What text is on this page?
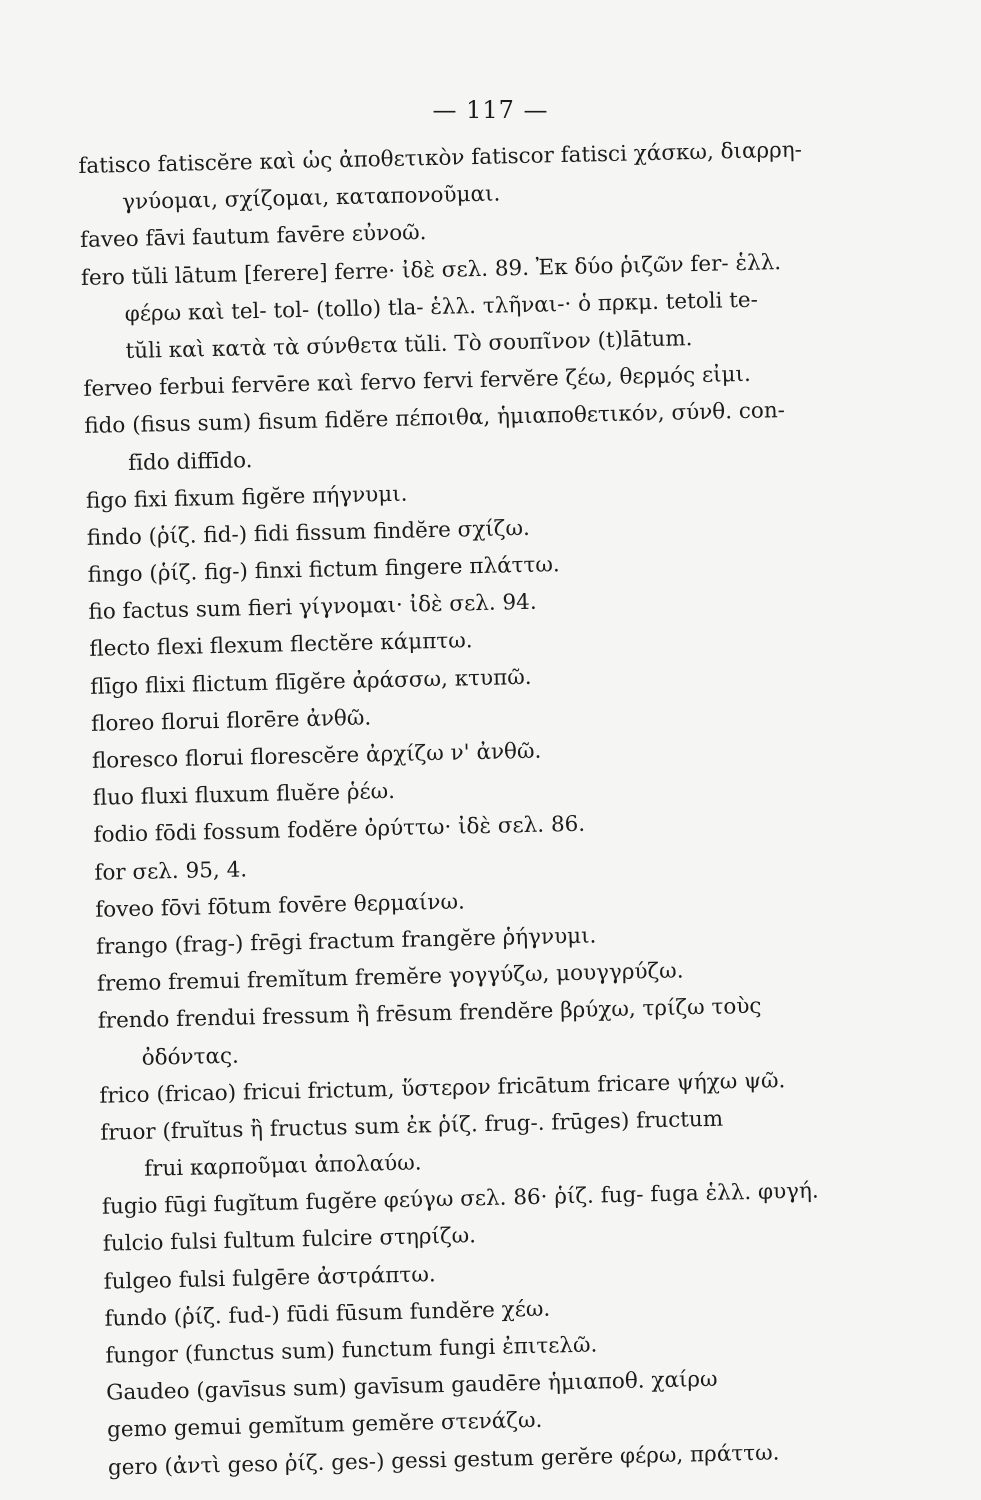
— 117 —
fatisco fatiscĕre καὶ ὡς ἀποθετικὸν fatiscor fatisci χάσκω, διαρρη-
γνύομαι, σχίζομαι, καταπονοῦμαι.
faveo fāvi fautum favēre εὐνοῶ.
fero tŭli lātum [ferere] ferre· ἰδὲ σελ. 89. Ἐκ δύο ῥιζῶν fer- ἑλλ.
φέρω καὶ tel- tol- (tollo) tla- ἑλλ. τλῆναι-· ὁ πρκμ. tetoli te-
tŭli καὶ κατὰ τὰ σύνθετα tŭli. Τὸ σουπῖνον (t)lātum.
ferveo ferbui fervēre καὶ fervo fervi fervĕre ζέω, θερμός εἰμι.
fido (fisus sum) fisum fidĕre πέποιθα, ἡμιαποθετικόν, σύνθ. con-
fīdo diffīdo.
figo fixi fixum figĕre πήγνυμι.
findo (ῥίζ. fid-) fidi fissum findĕre σχίζω.
fingo (ῥίζ. fig-) finxi fictum fingere πλάττω.
fio factus sum fieri γίγνομαι· ἰδὲ σελ. 94.
flecto flexi flexum flectĕre κάμπτω.
flīgo flixi flictum flīgĕre ἀράσσω, κτυπῶ.
floreo florui florēre ἀνθῶ.
floresco florui florescĕre ἀρχίζω ν' ἀνθῶ.
fluo fluxi fluxum fluĕre ῥέω.
fodio fōdi fossum fodĕre ὀρύττω· ἰδὲ σελ. 86.
for σελ. 95, 4.
foveo fōvi fōtum fovēre θερμαίνω.
frango (frag-) frēgi fractum frangĕre ῥήγνυμι.
fremo fremui fremĭtum fremĕre γογγύζω, μουγγρύζω.
frendo frendui fressum ἢ frēsum frendĕre βρύχω, τρίζω τοὺς
ὀδόντας.
frico (fricao) fricui frictum, ὕστερον fricātum fricare ψήχω ψῶ.
fruor (fruĭtus ἢ fructus sum ἐκ ῥίζ. frug-. frūges) fructum
frui καρποῦμαι ἀπολαύω.
fugio fūgi fugĭtum fugĕre φεύγω σελ. 86· ῥίζ. fug- fuga ἑλλ. φυγή.
fulcio fulsi fultum fulcire στηρίζω.
fulgeo fulsi fulgēre ἀστράπτω.
fundo (ῥίζ. fud-) fūdi fūsum fundĕre χέω.
fungor (functus sum) functum fungi ἐπιτελῶ.
Gaudeo (gavīsus sum) gavīsum gaudēre ἡμιαποθ. χαίρω
gemo gemui gemĭtum gemĕre στενάζω.
gero (ἀντὶ geso ῥίζ. ges-) gessi gestum gerĕre φέρω, πράττω.
